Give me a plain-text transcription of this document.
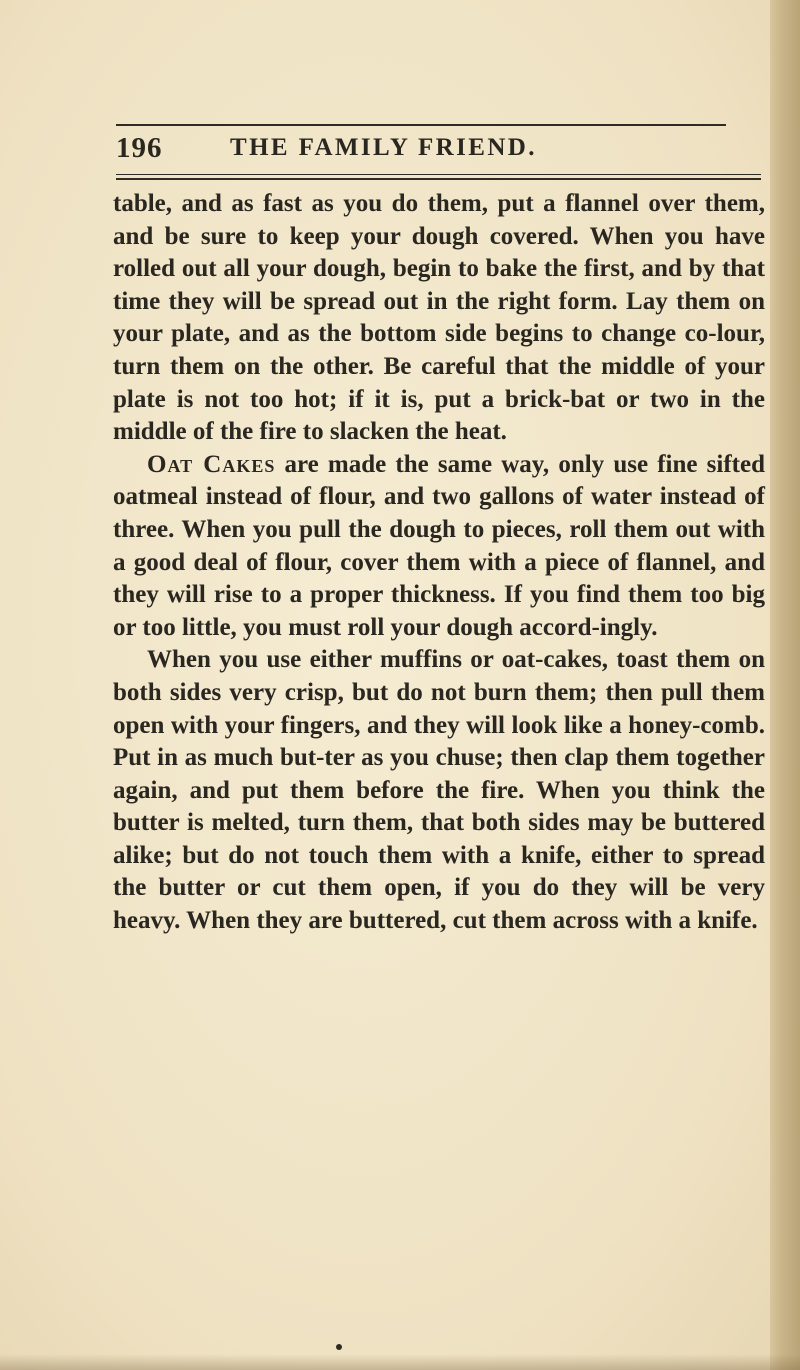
196	THE FAMILY FRIEND.

table, and as fast as you do them, put a flannel over them, and be sure to keep your dough covered. When you have rolled out all your dough, begin to bake the first, and by that time they will be spread out in the right form. Lay them on your plate, and as the bottom side begins to change co-lour, turn them on the other. Be careful that the middle of your plate is not too hot; if it is, put a brick-bat or two in the middle of the fire to slacken the heat.

Oat Cakes are made the same way, only use fine sifted oatmeal instead of flour, and two gallons of water instead of three. When you pull the dough to pieces, roll them out with a good deal of flour, cover them with a piece of flannel, and they will rise to a proper thickness. If you find them too big or too little, you must roll your dough accord-ingly.

When you use either muffins or oat-cakes, toast them on both sides very crisp, but do not burn them; then pull them open with your fingers, and they will look like a honey-comb. Put in as much but-ter as you chuse; then clap them together again, and put them before the fire. When you think the butter is melted, turn them, that both sides may be buttered alike; but do not touch them with a knife, either to spread the butter or cut them open, if you do they will be very heavy. When they are buttered, cut them across with a knife.
